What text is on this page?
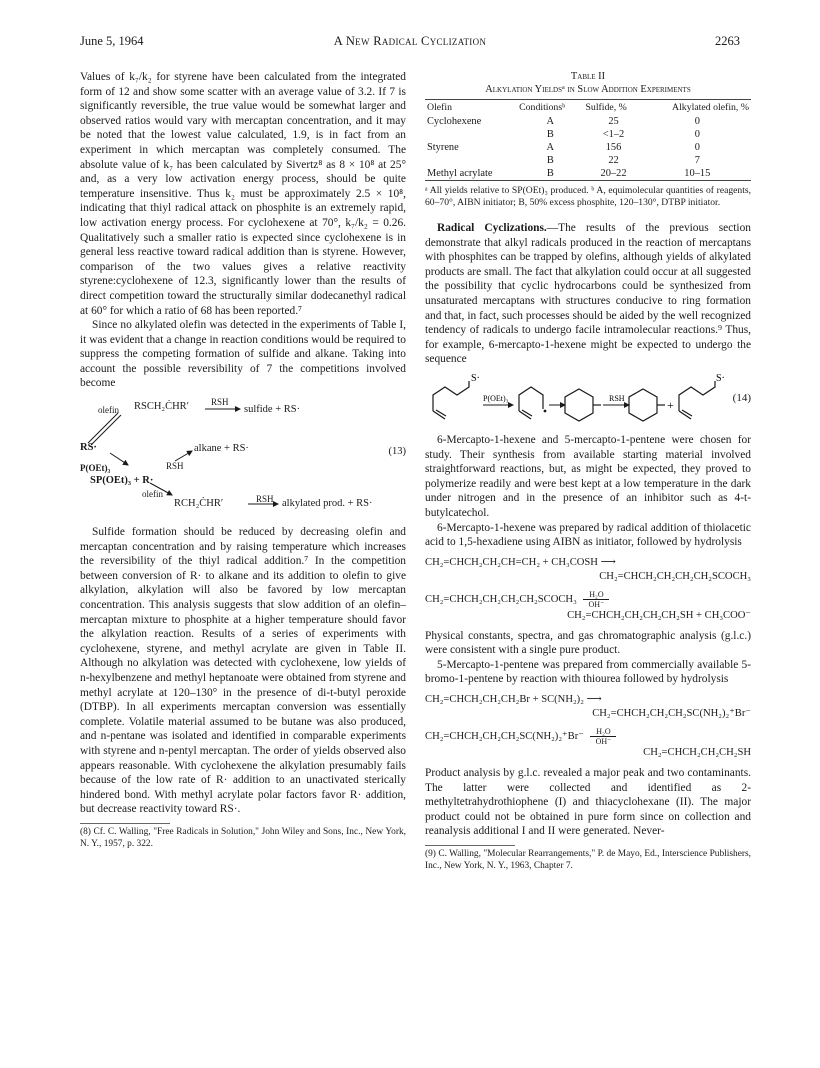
June 5, 1964	A New Radical Cyclization	2263

Values of k₇/k₂ for styrene have been calculated from the integrated form of 12 and show some scatter with an average value of 3.2. If 7 is significantly reversible, the true value would be somewhat larger and observed ratios would vary with mercaptan concentration, and it may be noted that the lowest value calculated, 1.9, is in fact from an experiment in which mercaptan was completely consumed. The absolute value of k₇ has been calculated by Sivertz⁸ as 8 × 10⁸ at 25° and, as a very low activation energy process, should be quite temperature insensitive. Thus k₂ must be approximately 2.5 × 10⁸, indicating that thiyl radical attack on phosphite is an extremely rapid, low activation energy process. For cyclohexene at 70°, k₇/k₂ = 0.26. Qualitatively such a smaller ratio is expected since cyclohexene is in general less reactive toward radical addition than is styrene. However, comparison of the two values gives a relative reactivity styrene:cyclohexene of 12.3, significantly lower than the results of direct competition toward the structurally similar dodecanethyl radical at 60° for which a ratio of 68 has been reported.⁷

Since no alkylated olefin was detected in the experiments of Table I, it was evident that a change in reaction conditions would be required to suppress the competing formation of sulfide and alkane. Taking into account the possible reversibility of 7 the competitions involved become

olefin RSCH₂ĊHR′ RSH
sulfide + RS·
RS·
P(OEt)₃	RSH
alkane + RS·
SP(OEt)₃ + R·
olefin	RSH
RCH₂ĊHR′	alkylated prod. + RS·
(13)

Sulfide formation should be reduced by decreasing olefin and mercaptan concentration and by raising temperature which increases the reversibility of the thiyl radical addition.⁷ In the competition between conversion of R· to alkane and its addition to olefin to give alkylation, alkylation will also be favored by low mercaptan concentration. This analysis suggests that slow addition of an olefin–mercaptan mixture to phosphite at a higher temperature should favor the alkylation reaction. Results of a series of experiments with cyclohexene, styrene, and methyl acrylate are given in Table II. Although no alkylation was detected with cyclohexene, low yields of n-hexylbenzene and methyl heptanoate were obtained from styrene and methyl acrylate at 120–130° in the presence of di-t-butyl peroxide (DTBP). In all experiments mercaptan conversion was essentially complete. Volatile material assumed to be butane was also produced, and n-pentane was isolated and identified in comparable experiments with styrene and n-pentyl mercaptan. The order of yields observed also appears reasonable. With cyclohexene the alkylation presumably fails because of the low rate of R· addition to an unactivated sterically hindered bond. With methyl acrylate polar factors favor R· addition, but decrease reactivity toward RS·.

(8) Cf. C. Walling, "Free Radicals in Solution," John Wiley and Sons, Inc., New York, N. Y., 1957, p. 322.

Table II
Alkylation Yieldsᵃ in Slow Addition Experiments
Olefin	Conditionsᵇ	Sulfide, %	Alkylated olefin, %
Cyclohexene	A	25	0
	B	<1–2	0
Styrene	A	156	0
	B	22	7
Methyl acrylate	B	20–22	10–15

ᵃ All yields relative to SP(OEt)₃ produced. ᵇ A, equimolecular quantities of reagents, 60–70°, AIBN initiator; B, 50% excess phosphite, 120–130°, DTBP initiator.

Radical Cyclizations.—The results of the previous section demonstrate that alkyl radicals produced in the reaction of mercaptans with phosphites can be trapped by olefins, although yields of alkylated products are small. The fact that alkylation could occur at all suggested the possibility that cyclic hydrocarbons could be synthesized from unsaturated mercaptans with structures conducive to ring formation and that, in fact, such processes should be aided by the well recognized tendency of radicals to undergo facile intramolecular reactions.⁹ Thus, for example, 6-mercapto-1-hexene might be expected to undergo the sequence

S·
P(OEt)₃	RSH	+
S·
(14)

6-Mercapto-1-hexene and 5-mercapto-1-pentene were chosen for study. Their synthesis from available starting material involved straightforward reactions, but, as might be expected, they proved to polymerize readily and were best kept at a low temperature in the dark under nitrogen and in the presence of an inhibitor such as 4-t-butylcatechol.

6-Mercapto-1-hexene was prepared by radical addition of thiolacetic acid to 1,5-hexadiene using AIBN as initiator, followed by hydrolysis

CH₂=CHCH₂CH₂CH=CH₂ + CH₃COSH ⟶
CH₂=CHCH₂CH₂CH₂CH₂SCOCH₃
CH₂=CHCH₂CH₂CH₂CH₂SCOCH₃ $\frac{\text{H₂O}}{OH^-}$
CH₂=CHCH₂CH₂CH₂CH₂SH + CH₃COO⁻

Physical constants, spectra, and gas chromatographic analysis (g.l.c.) were consistent with a single pure product.

5-Mercapto-1-pentene was prepared from commercially available 5-bromo-1-pentene by reaction with thiourea followed by hydrolysis

CH₂=CHCH₂CH₂CH₂Br + SC(NH₂)₂ ⟶
CH₂=CHCH₂CH₂CH₂SC(NH₂)₂⁺Br⁻
CH₂=CHCH₂CH₂CH₂SC(NH₂)₂⁺Br⁻ $\frac{\text{H₂O}}{OH^-}$
CH₂=CHCH₂CH₂CH₂SH

Product analysis by g.l.c. revealed a major peak and two contaminants. The latter were collected and identified as 2-methyltetrahydrothiophene (I) and thiacyclohexane (II). The major product could not be obtained in pure form since on collection and reanalysis additional I and II were generated. Never-

(9) C. Walling, "Molecular Rearrangements," P. de Mayo, Ed., Interscience Publishers, Inc., New York, N. Y., 1963, Chapter 7.
